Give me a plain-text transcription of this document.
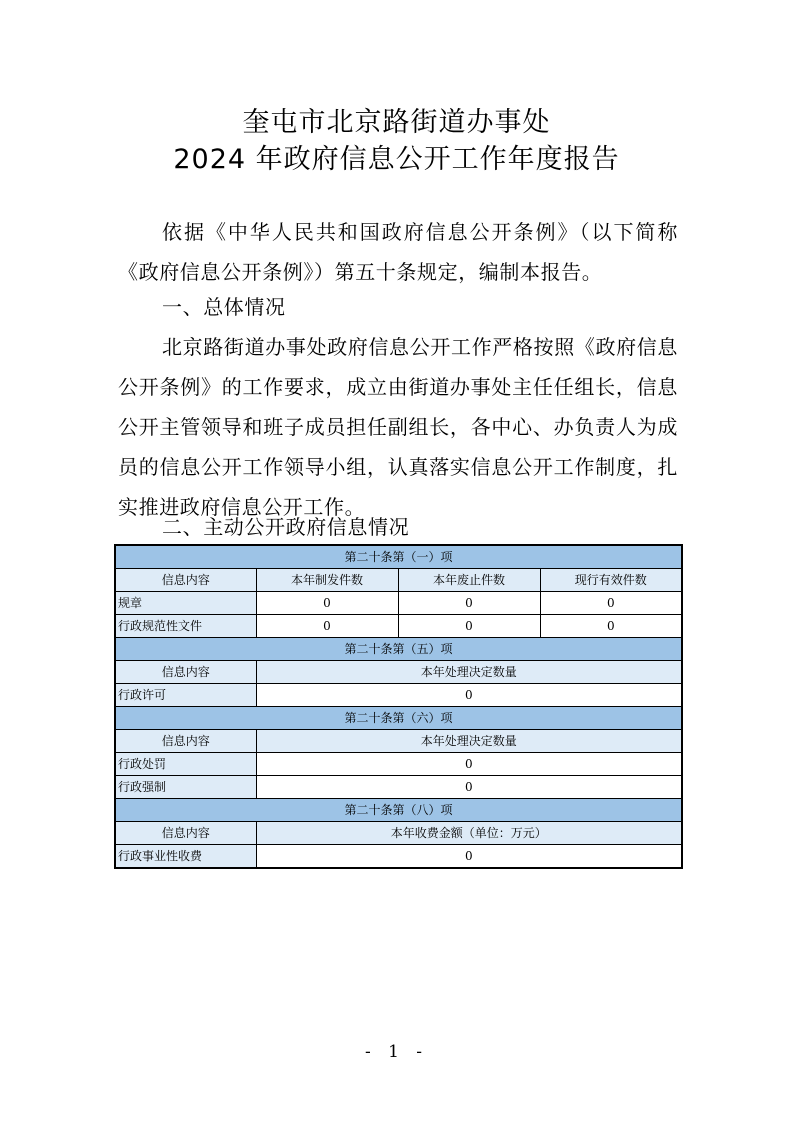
奎屯市北京路街道办事处
2024 年政府信息公开工作年度报告

依据《中华人民共和国政府信息公开条例》（以下简称《政府信息公开条例》）第五十条规定，编制本报告。

一、总体情况

北京路街道办事处政府信息公开工作严格按照《政府信息公开条例》的工作要求，成立由街道办事处主任任组长，信息公开主管领导和班子成员担任副组长，各中心、办负责人为成员的信息公开工作领导小组，认真落实信息公开工作制度，扎实推进政府信息公开工作。

二、主动公开政府信息情况

第二十条第（一）项			
信息内容	本年制发件数	本年废止件数	现行有效件数
规章	0	0	0
行政规范性文件	0	0	0
第二十条第（五）项			
信息内容	本年处理决定数量		
行政许可	0		
第二十条第（六）项			
信息内容	本年处理决定数量		
行政处罚	0		
行政强制	0		
第二十条第（八）项			
信息内容	本年收费金额（单位：万元）		
行政事业性收费	0		
- 1 -
